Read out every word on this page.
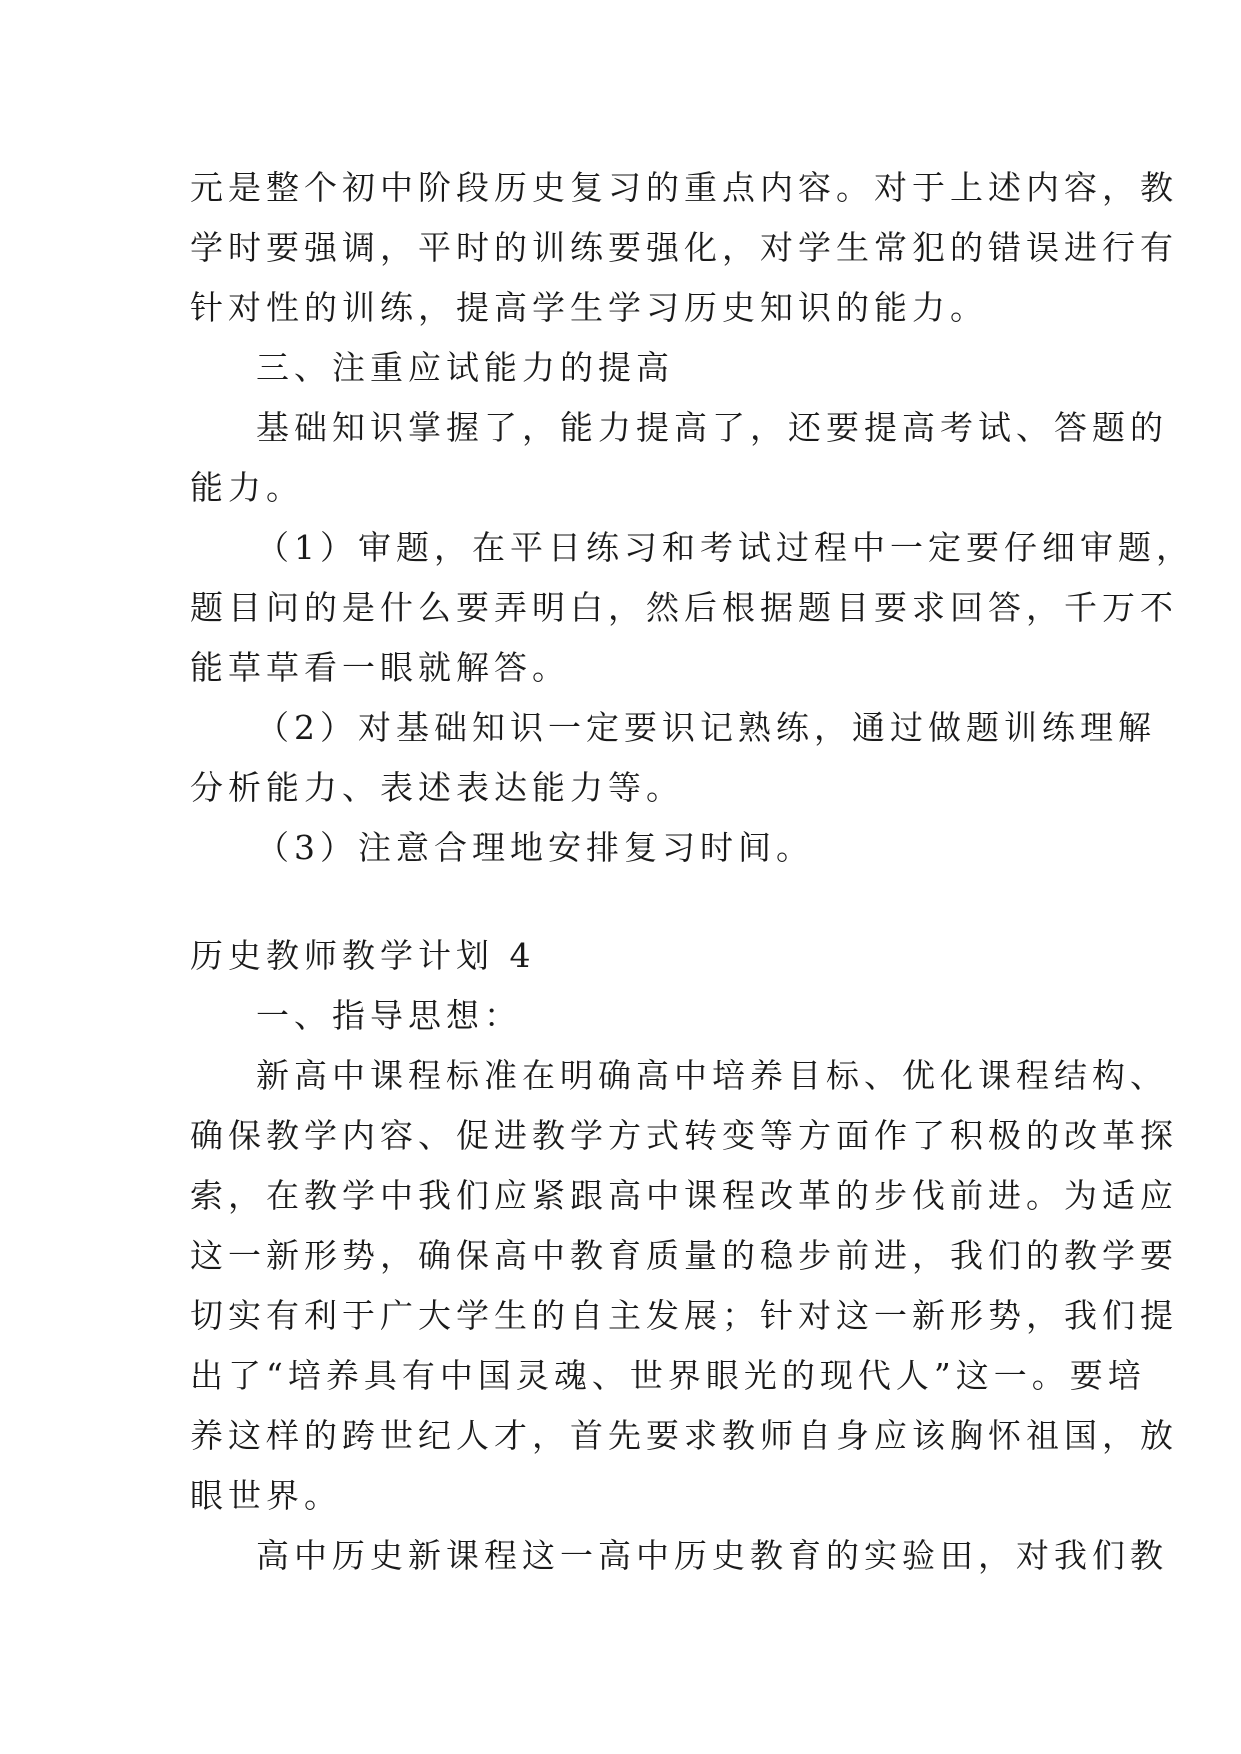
元是整个初中阶段历史复习的重点内容。对于上述内容，教
学时要强调，平时的训练要强化，对学生常犯的错误进行有
针对性的训练，提高学生学习历史知识的能力。
三、注重应试能力的提高
基础知识掌握了，能力提高了，还要提高考试、答题的
能力。
（1）审题，在平日练习和考试过程中一定要仔细审题，
题目问的是什么要弄明白，然后根据题目要求回答，千万不
能草草看一眼就解答。
（2）对基础知识一定要识记熟练，通过做题训练理解
分析能力、表述表达能力等。
（3）注意合理地安排复习时间。
历史教师教学计划 4
一、指导思想：
新高中课程标准在明确高中培养目标、优化课程结构、
确保教学内容、促进教学方式转变等方面作了积极的改革探
索，在教学中我们应紧跟高中课程改革的步伐前进。为适应
这一新形势，确保高中教育质量的稳步前进，我们的教学要
切实有利于广大学生的自主发展；针对这一新形势，我们提
出了“培养具有中国灵魂、世界眼光的现代人”这一。要培
养这样的跨世纪人才，首先要求教师自身应该胸怀祖国，放
眼世界。
高中历史新课程这一高中历史教育的实验田，对我们教
